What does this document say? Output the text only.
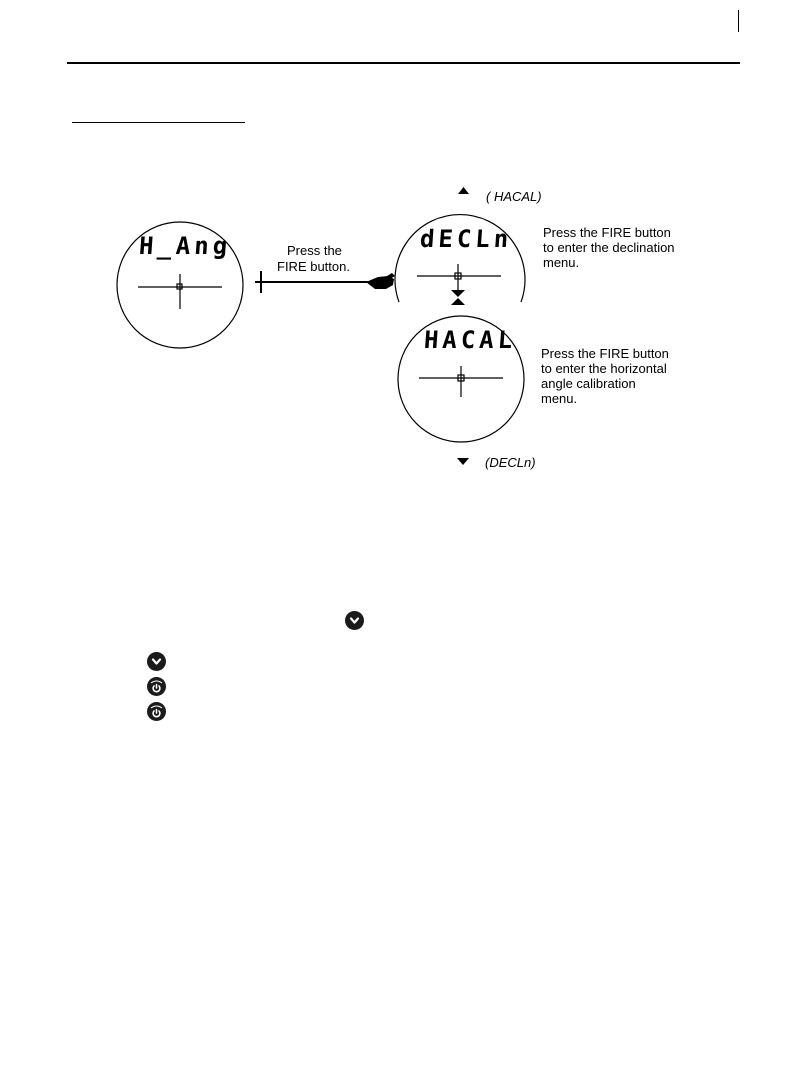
H_Ang	dECLn
HACAL
Press the
FIRE button.
( HACAL)
(DECLn)
Press the FIRE button
to enter the declination
menu.
Press the FIRE button
to enter the horizontal
angle calibration
menu.
